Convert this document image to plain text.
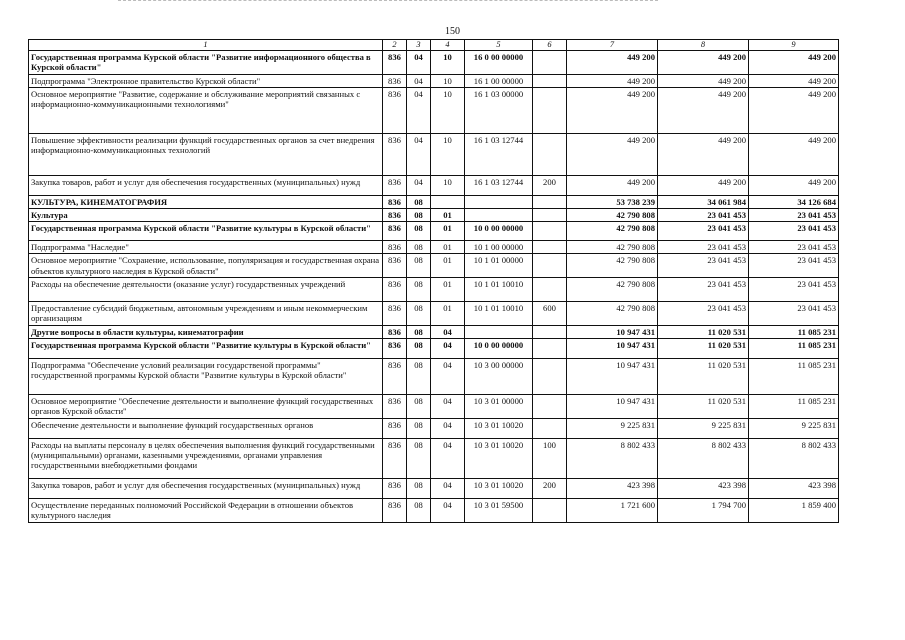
150
1	2	3	4	5	6	7	8	9
Государственная программа Курской области "Развитие информационного общества в Курской области"	836	04	10	16 0 00 00000		449 200	449 200	449 200
Подпрограмма "Электронное правительство Курской области"	836	04	10	16 1 00 00000		449 200	449 200	449 200
Основное мероприятие "Развитие, содержание и обслуживание мероприятий связанных с информационно-коммуникационными технологиями"	836	04	10	16 1 03 00000		449 200	449 200	449 200
Повышение эффективности реализации функций государственных органов за счет внедрения информационно-коммуникационных технологий	836	04	10	16 1 03 12744		449 200	449 200	449 200
Закупка товаров, работ и услуг для обеспечения государственных (муниципальных) нужд	836	04	10	16 1 03 12744	200	449 200	449 200	449 200
КУЛЬТУРА, КИНЕМАТОГРАФИЯ	836	08				53 738 239	34 061 984	34 126 684
Культура	836	08	01			42 790 808	23 041 453	23 041 453
Государственная программа Курской области "Развитие культуры в Курской области"	836	08	01	10 0 00 00000		42 790 808	23 041 453	23 041 453
Подпрограмма "Наследие"	836	08	01	10 1 00 00000		42 790 808	23 041 453	23 041 453
Основное мероприятие "Сохранение, использование, популяризация и государственная охрана объектов культурного наследия в Курской области"	836	08	01	10 1 01 00000		42 790 808	23 041 453	23 041 453
Расходы на обеспечение деятельности (оказание услуг) государственных учреждений	836	08	01	10 1 01 10010		42 790 808	23 041 453	23 041 453
Предоставление субсидий бюджетным, автономным учреждениям и иным некоммерческим организациям	836	08	01	10 1 01 10010	600	42 790 808	23 041 453	23 041 453
Другие вопросы в области культуры, кинематографии	836	08	04			10 947 431	11 020 531	11 085 231
Государственная программа Курской области "Развитие культуры в Курской области"	836	08	04	10 0 00 00000		10 947 431	11 020 531	11 085 231
Подпрограмма "Обеспечение условий реализации государственой программы" государственной программы Курской области "Развитие культуры в Курской области"	836	08	04	10 3 00 00000		10 947 431	11 020 531	11 085 231
Основное мероприятие "Обеспечение деятельности и выполнение функций государственных органов Курской области"	836	08	04	10 3 01 00000		10 947 431	11 020 531	11 085 231
Обеспечение деятельности и выполнение функций государственных органов	836	08	04	10 3 01 10020		9 225 831	9 225 831	9 225 831
Расходы на выплаты персоналу в целях обеспечения выполнения функций государственными (муниципальными) органами, казенными учреждениями, органами управления государственными внебюджетными фондами	836	08	04	10 3 01 10020	100	8 802 433	8 802 433	8 802 433
Закупка товаров, работ и услуг для обеспечения государственных (муниципальных) нужд	836	08	04	10 3 01 10020	200	423 398	423 398	423 398
Осуществление переданных полномочий Российской Федерации в отношении объектов культурного наследия	836	08	04	10 3 01 59500		1 721 600	1 794 700	1 859 400
